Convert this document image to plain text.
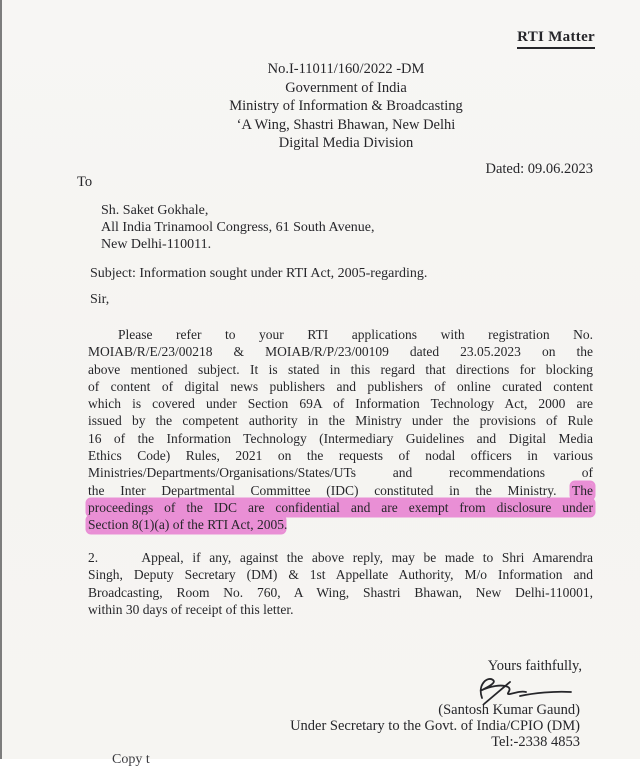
RTI Matter
No.I-11011/160/2022 -DM
Government of India
Ministry of Information & Broadcasting
‘A Wing, Shastri Bhawan, New Delhi
Digital Media Division
Dated: 09.06.2023
To
Sh. Saket Gokhale,
All India Trinamool Congress, 61 South Avenue,
New Delhi-110011.
Subject: Information sought under RTI Act, 2005-regarding.
Sir,
Please refer to your RTI applications with registration No.
MOIAB/R/E/23/00218 & MOIAB/R/P/23/00109 dated 23.05.2023 on the
above mentioned subject. It is stated in this regard that directions for blocking
of content of digital news publishers and publishers of online curated content
which is covered under Section 69A of Information Technology Act, 2000 are
issued by the competent authority in the Ministry under the provisions of Rule
16 of the Information Technology (Intermediary Guidelines and Digital Media
Ethics Code) Rules, 2021 on the requests of nodal officers in various
Ministries/Departments/Organisations/States/UTs and recommendations of
the Inter Departmental Committee (IDC) constituted in the Ministry. The
proceedings of the IDC are confidential and are exempt from disclosure under
Section 8(1)(a) of the RTI Act, 2005.
2.     Appeal, if any, against the above reply, may be made to Shri Amarendra
Singh, Deputy Secretary (DM) & 1st Appellate Authority, M/o Information and
Broadcasting, Room No. 760, A Wing, Shastri Bhawan, New Delhi-110001,
within 30 days of receipt of this letter.
Yours faithfully,
(Santosh Kumar Gaund)
Under Secretary to the Govt. of India/CPIO (DM)
Tel:-2338 4853
Copy t
